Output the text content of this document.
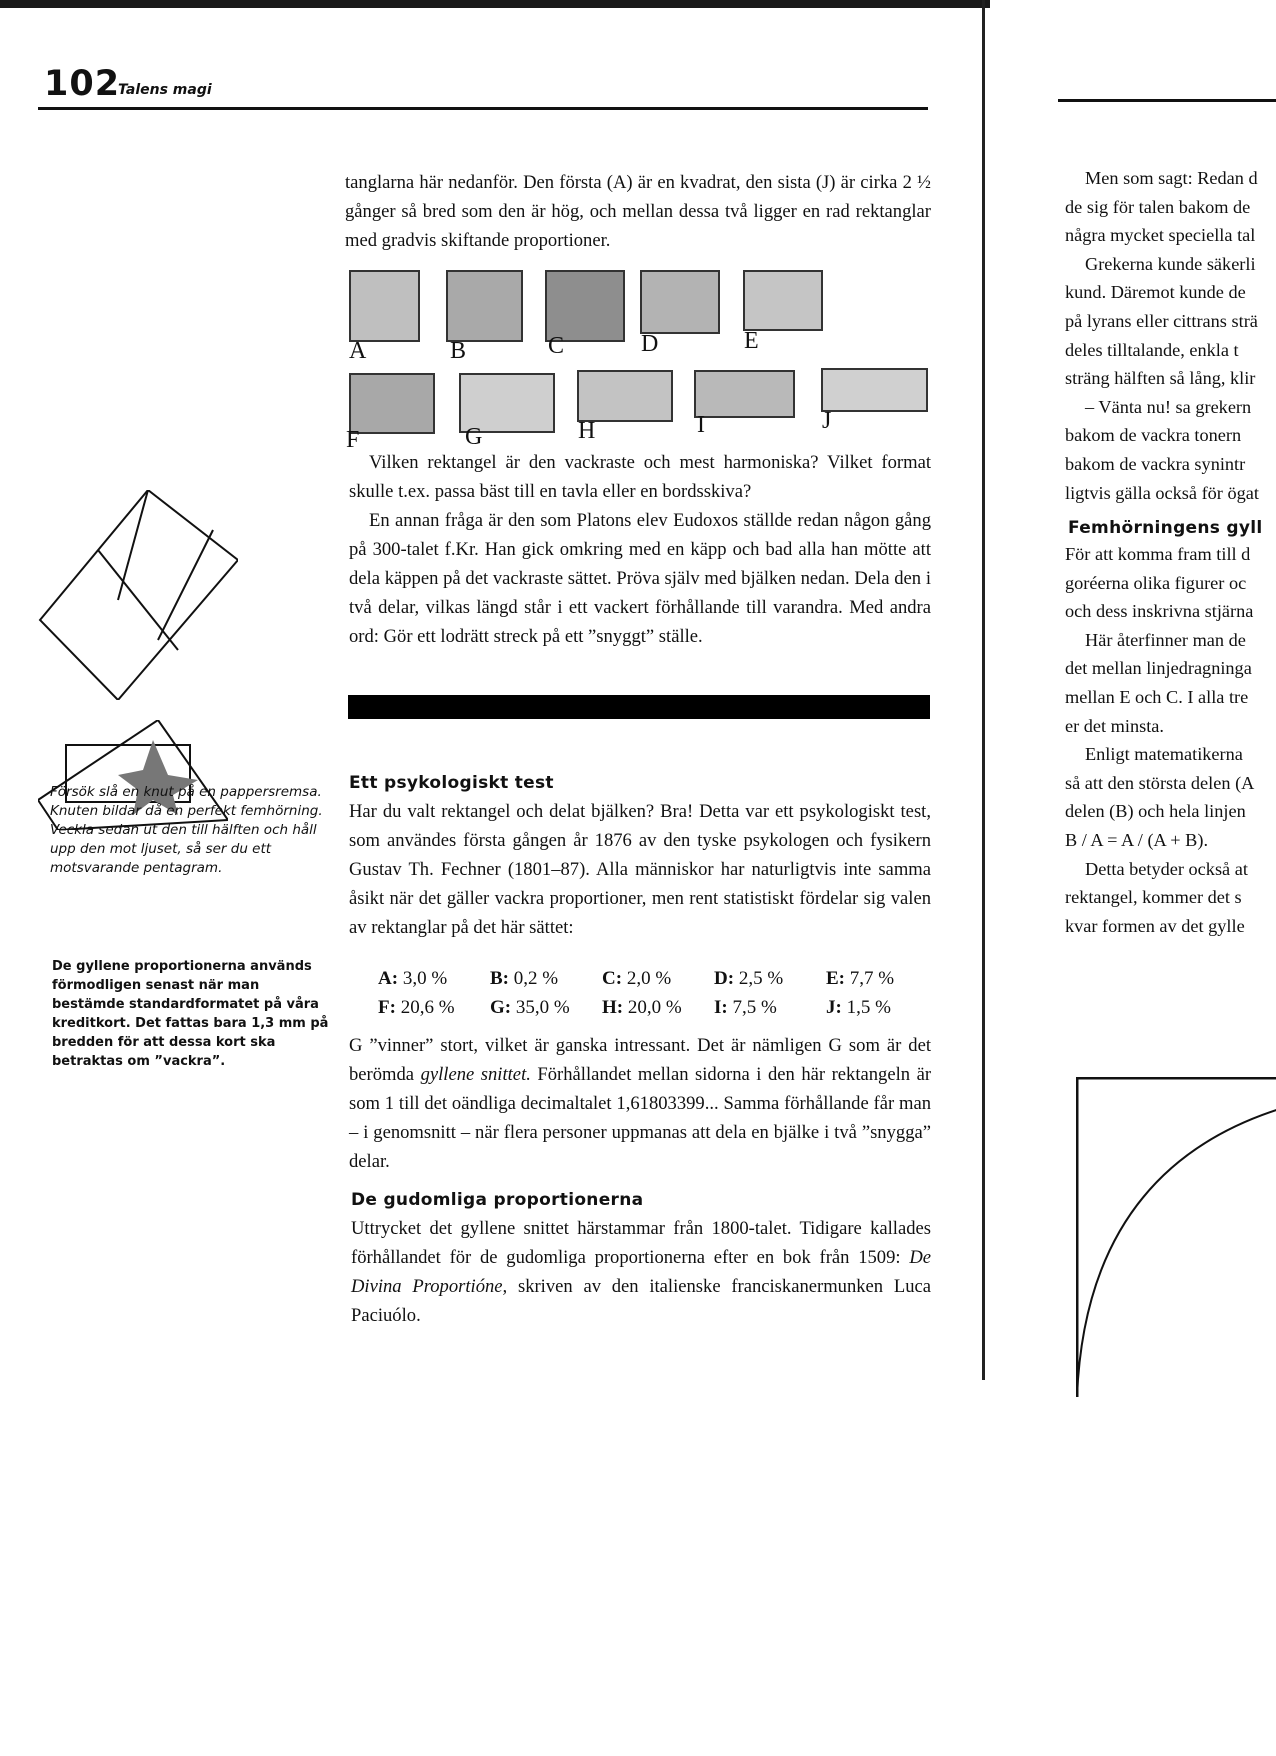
102
Talens magi

tanglarna här nedanför. Den första (A) är en kvadrat, den sista (J) är cirka 2 ½ gånger så bred som den är hög, och mellan dessa två ligger en rad rektanglar med gradvis skiftande proportioner.

A	B	C	D	E
F	G	H	I	J

Vilken rektangel är den vackraste och mest harmoniska? Vilket format skulle t.ex. passa bäst till en tavla eller en bordsskiva?

En annan fråga är den som Platons elev Eudoxos ställde redan någon gång på 300-talet f.Kr. Han gick omkring med en käpp och bad alla han mötte att dela käppen på det vackraste sättet. Pröva själv med bjälken nedan. Dela den i två delar, vilkas längd står i ett vackert förhållande till varandra. Med andra ord: Gör ett lodrätt streck på ett ”snyggt” ställe.

Ett psykologiskt test

Har du valt rektangel och delat bjälken? Bra! Detta var ett psykologiskt test, som användes första gången år 1876 av den tyske psykologen och fysikern Gustav Th. Fechner (1801–87). Alla människor har naturligtvis inte samma åsikt när det gäller vackra proportioner, men rent statistiskt fördelar sig valen av rektanglar på det här sättet:

A: 3,0 %	B: 0,2 %	C: 2,0 %	D: 2,5 %	E: 7,7 %
F: 20,6 %	G: 35,0 %	H: 20,0 %	I: 7,5 %	J: 1,5 %

G ”vinner” stort, vilket är ganska intressant. Det är nämligen G som är det berömda gyllene snittet. Förhållandet mellan sidorna i den här rektangeln är som 1 till det oändliga decimaltalet 1,61803399... Samma förhållande får man – i genomsnitt – när flera personer uppmanas att dela en bjälke i två ”snygga” delar.

De gudomliga proportionerna

Uttrycket det gyllene snittet härstammar från 1800-talet. Tidigare kallades förhållandet för de gudomliga proportionerna efter en bok från 1509: De Divina Proportióne, skriven av den italienske franciskanermunken Luca Paciuólo.

Försök slå en knut på en pappersremsa. Knuten bildar då en perfekt femhörning. Veckla sedan ut den till hälften och håll upp den mot ljuset, så ser du ett motsvarande pentagram.
De gyllene proportionerna används förmodligen senast när man bestämde standardformatet på våra kreditkort. Det fattas bara 1,3 mm på bredden för att dessa kort ska betraktas om ”vackra”.

Men som sagt: Redan d

de sig för talen bakom de

några mycket speciella tal

Grekerna kunde säkerli

kund. Däremot kunde de

på lyrans eller cittrans strä

deles tilltalande, enkla t

sträng hälften så lång, klir

– Vänta nu! sa grekern

bakom de vackra tonern

bakom de vackra synintr

ligtvis gälla också för ögat

Femhörningens gyll

För att komma fram till d

goréerna olika figurer oc

och dess inskrivna stjärna

Här återfinner man de

det mellan linjedragninga

mellan E och C. I alla tre

er det minsta.

Enligt matematikerna

så att den största delen (A

delen (B) och hela linjen

B / A = A / (A + B).

Detta betyder också at

rektangel, kommer det s

kvar formen av det gylle
